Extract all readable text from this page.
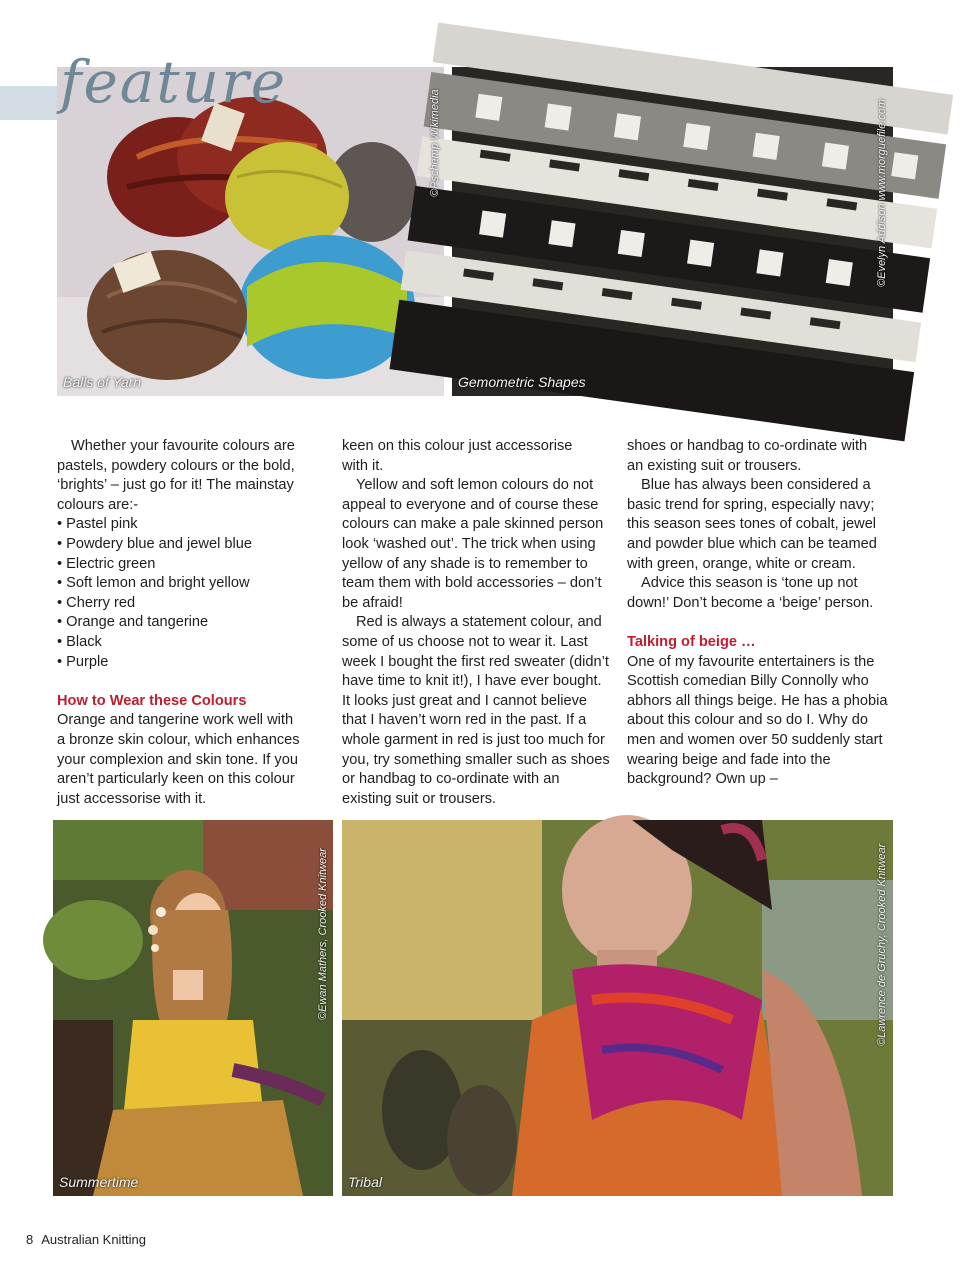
feature
Balls of Yarn
©Pschemp Wikimedia
Gemometric Shapes
©Evelyn Addison www.morguefile.com

Whether your favourite colours are pastels, powdery colours or the bold, ‘brights’ – just go for it! The mainstay colours are:-

• Pastel pink
• Powdery blue and jewel blue
• Electric green
• Soft lemon and bright yellow
• Cherry red
• Orange and tangerine
• Black
• Purple
How to Wear these Colours

Orange and tangerine work well with a bronze skin colour, which enhances your complexion and skin tone. If you aren’t particularly keen on this colour just accessorise with it.

keen on this colour just accessorise
with it.

Yellow and soft lemon colours do not appeal to everyone and of course these colours can make a pale skinned person look ‘washed out’. The trick when using yellow of any shade is to remember to team them with bold accessories – don’t be afraid!

Red is always a statement colour, and some of us choose not to wear it. Last week I bought the first red sweater (didn’t have time to knit it!), I have ever bought. It looks just great and I cannot believe that I haven’t worn red in the past. If a whole garment in red is just too much for you, try something smaller such as shoes or handbag to co-ordinate with an existing suit or trousers.

shoes or handbag to co-ordinate with
an existing suit or trousers.

Blue has always been considered a basic trend for spring, especially navy; this season sees tones of cobalt, jewel and powder blue which can be teamed with green, orange, white or cream.

Advice this season is ‘tone up not down!’ Don’t become a ‘beige’ person.

Talking of beige …

One of my favourite entertainers is the Scottish comedian Billy Connolly who abhors all things beige. He has a phobia about this colour and so do I. Why do men and women over 50 suddenly start wearing beige and fade into the background? Own up –

Summertime
©Ewan Mathers, Crooked Knitwear
Tribal
©Lawrence de Gruchy, Crooked Knitwear
8 Australian Knitting
